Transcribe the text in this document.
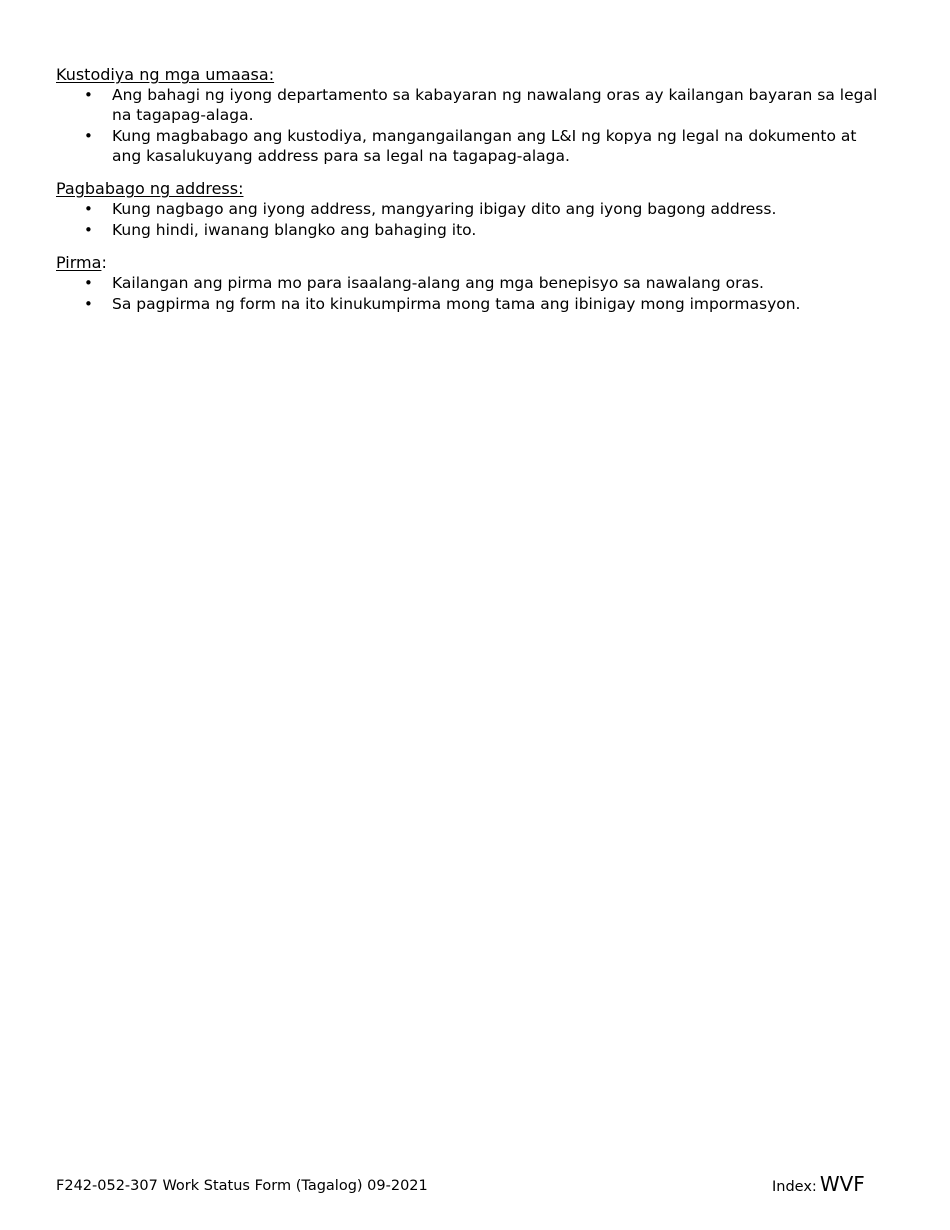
Kustodiya ng mga umaasa:

• Ang bahagi ng iyong departamento sa kabayaran ng nawalang oras ay kailangan bayaran sa legal na tagapag-alaga.
• Kung magbabago ang kustodiya, mangangailangan ang L&I ng kopya ng legal na dokumento at ang kasalukuyang address para sa legal na tagapag-alaga.

Pagbabago ng address:

• Kung nagbago ang iyong address, mangyaring ibigay dito ang iyong bagong address.
• Kung hindi, iwanang blangko ang bahaging ito.

Pirma:

• Kailangan ang pirma mo para isaalang-alang ang mga benepisyo sa nawalang oras.
• Sa pagpirma ng form na ito kinukumpirma mong tama ang ibinigay mong impormasyon.
F242-052-307 Work Status Form (Tagalog) 09-2021	Index: WVF
